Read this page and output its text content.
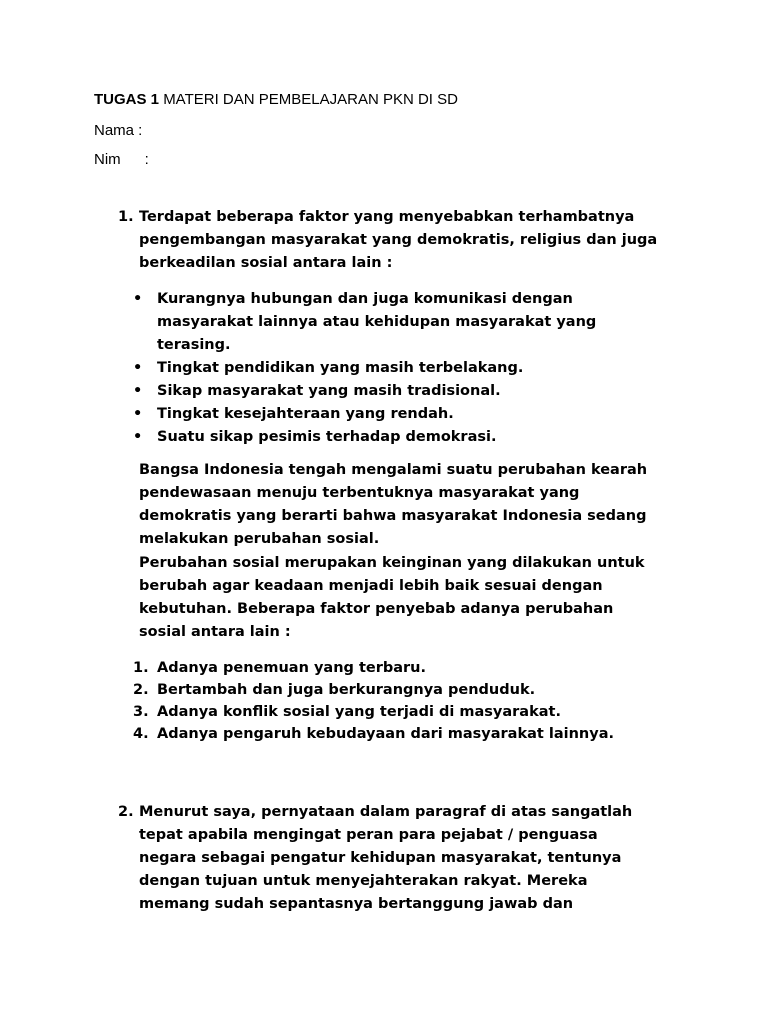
TUGAS 1 MATERI DAN PEMBELAJARAN PKN DI SD
Nama :
Nim :
1. Terdapat beberapa faktor yang menyebabkan terhambatnya
pengembangan masyarakat yang demokratis, religius dan juga
berkeadilan sosial antara lain :
• Kurangnya hubungan dan juga komunikasi dengan
masyarakat lainnya atau kehidupan masyarakat yang
terasing.
• Tingkat pendidikan yang masih terbelakang.
• Sikap masyarakat yang masih tradisional.
• Tingkat kesejahteraan yang rendah.
• Suatu sikap pesimis terhadap demokrasi.
Bangsa Indonesia tengah mengalami suatu perubahan kearah
pendewasaan menuju terbentuknya masyarakat yang
demokratis yang berarti bahwa masyarakat Indonesia sedang
melakukan perubahan sosial.
Perubahan sosial merupakan keinginan yang dilakukan untuk
berubah agar keadaan menjadi lebih baik sesuai dengan
kebutuhan. Beberapa faktor penyebab adanya perubahan
sosial antara lain :
1. Adanya penemuan yang terbaru.
2. Bertambah dan juga berkurangnya penduduk.
3. Adanya konflik sosial yang terjadi di masyarakat.
4. Adanya pengaruh kebudayaan dari masyarakat lainnya.
2. Menurut saya, pernyataan dalam paragraf di atas sangatlah
tepat apabila mengingat peran para pejabat / penguasa
negara sebagai pengatur kehidupan masyarakat, tentunya
dengan tujuan untuk menyejahterakan rakyat. Mereka
memang sudah sepantasnya bertanggung jawab dan
